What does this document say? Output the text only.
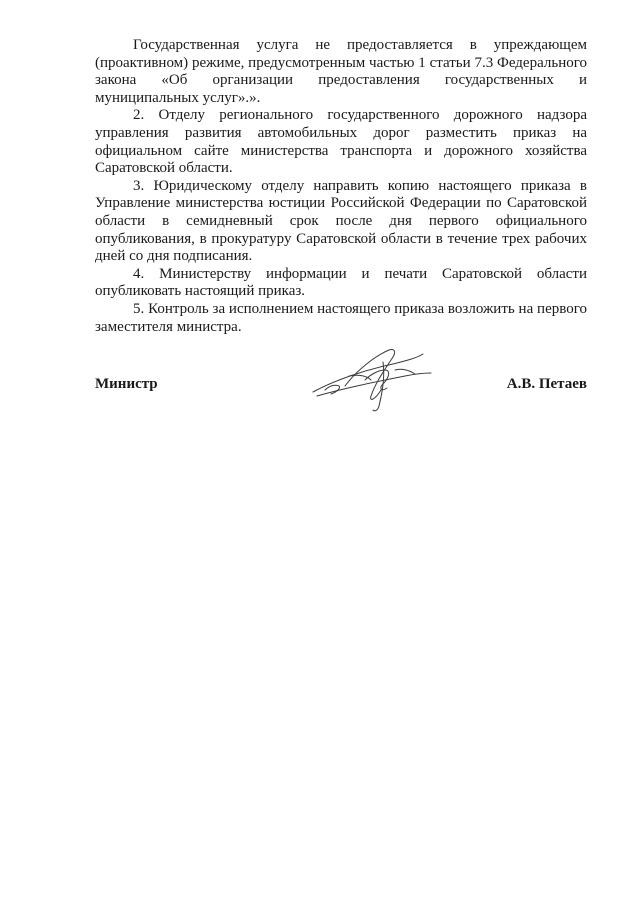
Государственная услуга не предоставляется в упреждающем (проактивном) режиме, предусмотренным частью 1 статьи 7.3 Федерального закона «Об организации предоставления государственных и муниципальных услуг».».

2. Отделу регионального государственного дорожного надзора управления развития автомобильных дорог разместить приказ на официальном сайте министерства транспорта и дорожного хозяйства Саратовской области.

3. Юридическому отделу направить копию настоящего приказа в Управление министерства юстиции Российской Федерации по Саратовской области в семидневный срок после дня первого официального опубликования, в прокуратуру Саратовской области в течение трех рабочих дней со дня подписания.

4. Министерству информации и печати Саратовской области опубликовать настоящий приказ.

5. Контроль за исполнением настоящего приказа возложить на первого заместителя министра.

Министр	А.В. Петаев
